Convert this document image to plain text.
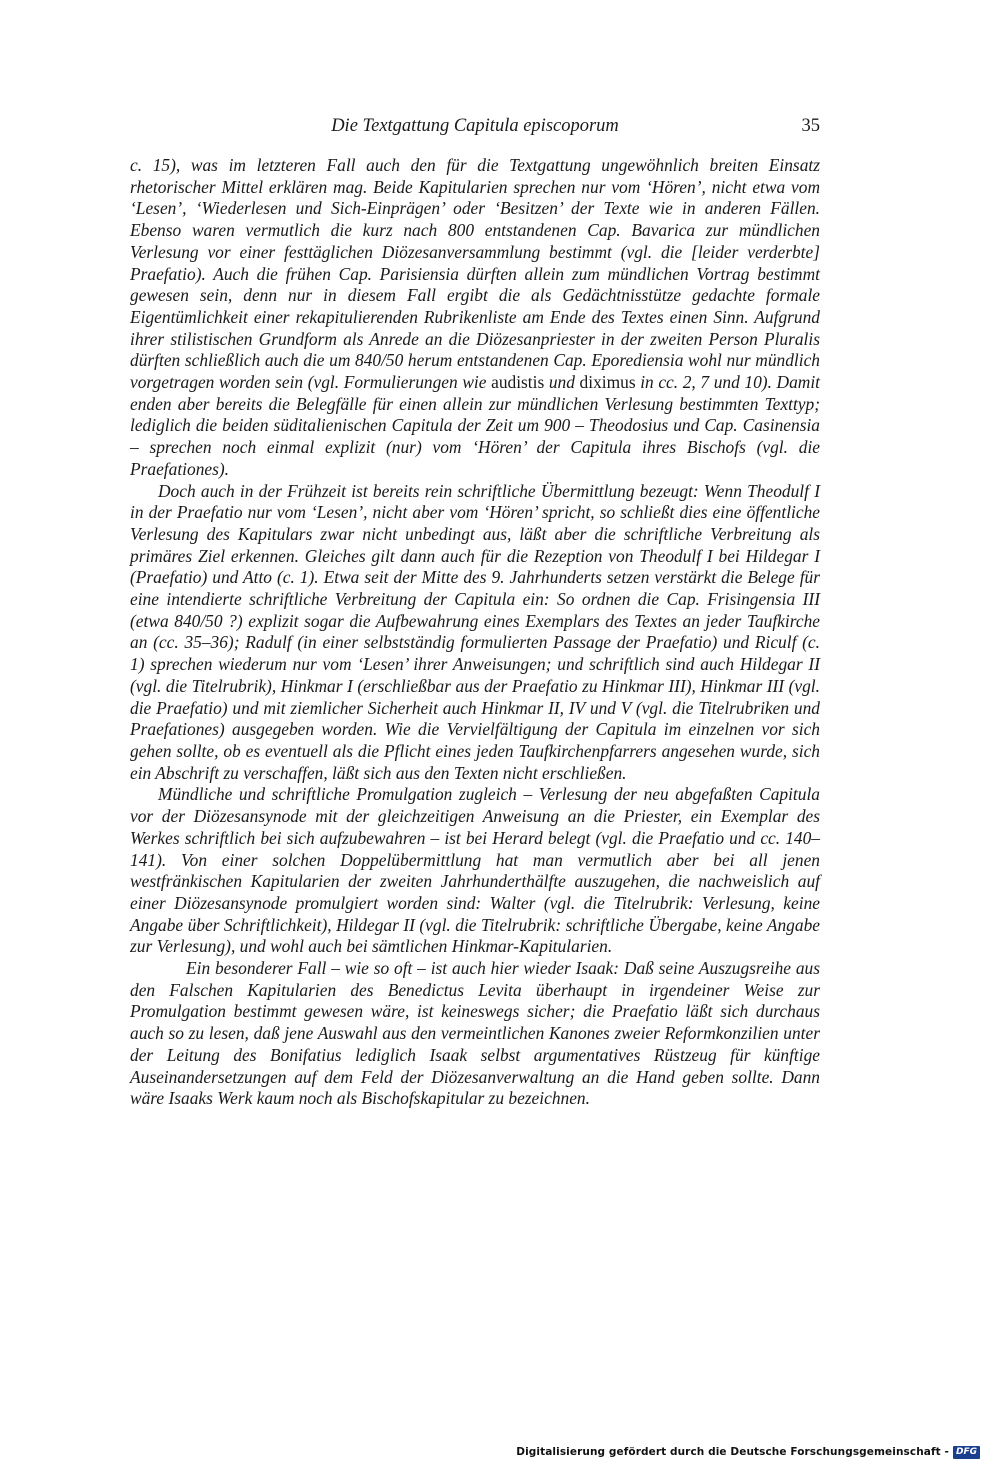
Die Textgattung Capitula episcoporum	35

c. 15), was im letzteren Fall auch den für die Textgattung ungewöhnlich breiten Einsatz rhetorischer Mittel erklären mag. Beide Kapitularien sprechen nur vom ‘Hören’, nicht etwa vom ‘Lesen’, ‘Wiederlesen und Sich-Einprägen’ oder ‘Besitzen’ der Texte wie in anderen Fällen. Ebenso waren vermutlich die kurz nach 800 entstandenen Cap. Bavarica zur mündlichen Verlesung vor einer festtäglichen Diözesanversammlung bestimmt (vgl. die [leider verderbte] Praefatio). Auch die frühen Cap. Parisiensia dürften allein zum mündlichen Vortrag bestimmt gewesen sein, denn nur in diesem Fall ergibt die als Gedächtnisstütze gedachte formale Eigentümlichkeit einer rekapitulierenden Rubrikenliste am Ende des Textes einen Sinn. Aufgrund ihrer stilistischen Grundform als Anrede an die Diözesanpriester in der zweiten Person Pluralis dürften schließlich auch die um 840/50 herum entstandenen Cap. Eporediensia wohl nur mündlich vorgetragen worden sein (vgl. Formulierungen wie audistis und diximus in cc. 2, 7 und 10). Damit enden aber bereits die Belegfälle für einen allein zur mündlichen Verlesung bestimmten Texttyp; lediglich die beiden süditalienischen Capitula der Zeit um 900 – Theodosius und Cap. Casinensia – sprechen noch einmal explizit (nur) vom ‘Hören’ der Capitula ihres Bischofs (vgl. die Praefationes).

Doch auch in der Frühzeit ist bereits rein schriftliche Übermittlung bezeugt: Wenn Theodulf I in der Praefatio nur vom ‘Lesen’, nicht aber vom ‘Hören’ spricht, so schließt dies eine öffentliche Verlesung des Kapitulars zwar nicht unbedingt aus, läßt aber die schriftliche Verbreitung als primäres Ziel erkennen. Gleiches gilt dann auch für die Rezeption von Theodulf I bei Hildegar I (Praefatio) und Atto (c. 1). Etwa seit der Mitte des 9. Jahrhunderts setzen verstärkt die Belege für eine intendierte schriftliche Verbreitung der Capitula ein: So ordnen die Cap. Frisingensia III (etwa 840/50 ?) explizit sogar die Aufbewahrung eines Exemplars des Textes an jeder Taufkirche an (cc. 35–36); Radulf (in einer selbstständig formulierten Passage der Praefatio) und Riculf (c. 1) sprechen wiederum nur vom ‘Lesen’ ihrer Anweisungen; und schriftlich sind auch Hildegar II (vgl. die Titelrubrik), Hinkmar I (erschließbar aus der Praefatio zu Hinkmar III), Hinkmar III (vgl. die Praefatio) und mit ziemlicher Sicherheit auch Hinkmar II, IV und V (vgl. die Titelrubriken und Praefationes) ausgegeben worden. Wie die Vervielfältigung der Capitula im einzelnen vor sich gehen sollte, ob es eventuell als die Pflicht eines jeden Taufkirchenpfarrers angesehen wurde, sich ein Abschrift zu verschaffen, läßt sich aus den Texten nicht erschließen.

Mündliche und schriftliche Promulgation zugleich – Verlesung der neu abgefaßten Capitula vor der Diözesansynode mit der gleichzeitigen Anweisung an die Priester, ein Exemplar des Werkes schriftlich bei sich aufzubewahren – ist bei Herard belegt (vgl. die Praefatio und cc. 140–141). Von einer solchen Doppelübermittlung hat man vermutlich aber bei all jenen westfränkischen Kapitularien der zweiten Jahrhunderthälfte auszugehen, die nachweislich auf einer Diözesansynode promulgiert worden sind: Walter (vgl. die Titelrubrik: Verlesung, keine Angabe über Schriftlichkeit), Hildegar II (vgl. die Titelrubrik: schriftliche Übergabe, keine Angabe zur Verlesung), und wohl auch bei sämtlichen Hinkmar-Kapitularien.

Ein besonderer Fall – wie so oft – ist auch hier wieder Isaak: Daß seine Auszugsreihe aus den Falschen Kapitularien des Benedictus Levita überhaupt in irgendeiner Weise zur Promulgation bestimmt gewesen wäre, ist keineswegs sicher; die Praefatio läßt sich durchaus auch so zu lesen, daß jene Auswahl aus den vermeintlichen Kanones zweier Reformkonzilien unter der Leitung des Bonifatius lediglich Isaak selbst argumentatives Rüstzeug für künftige Auseinandersetzungen auf dem Feld der Diözesanverwaltung an die Hand geben sollte. Dann wäre Isaaks Werk kaum noch als Bischofskapitular zu bezeichnen.

Digitalisierung gefördert durch die Deutsche Forschungsgemeinschaft - DFG
